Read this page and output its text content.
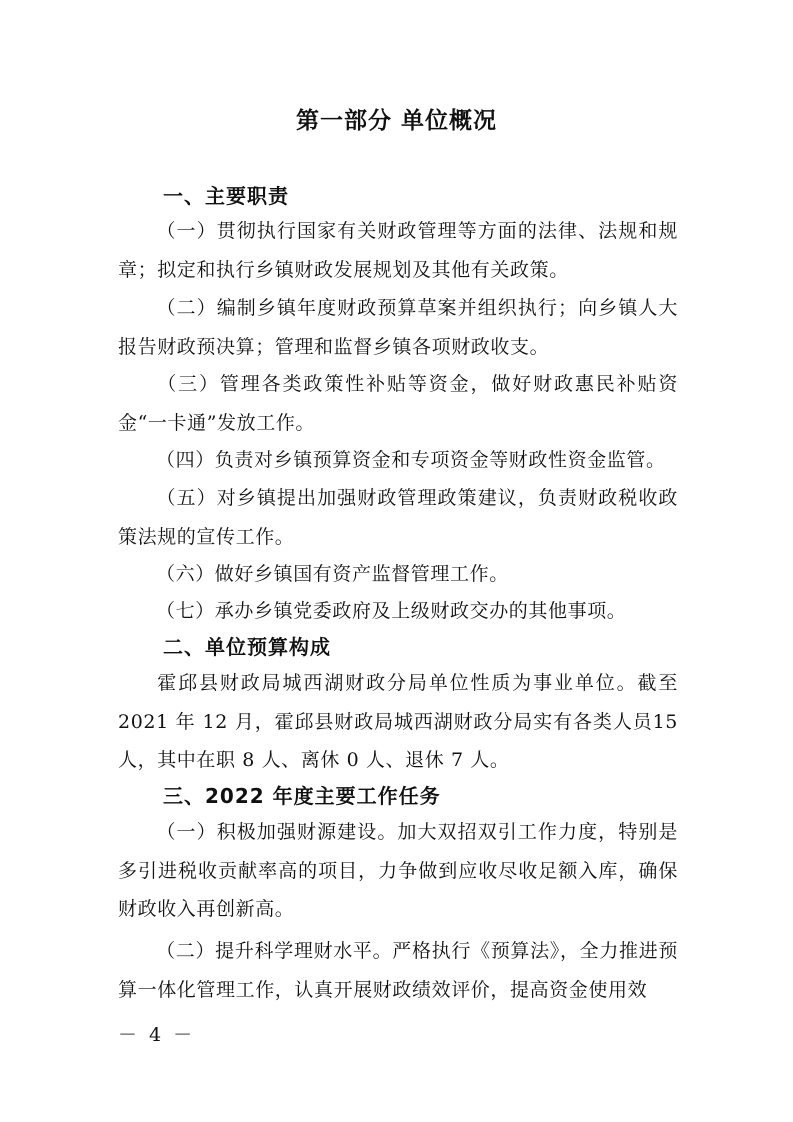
第一部分 单位概况
一、主要职责
（一）贯彻执行国家有关财政管理等方面的法律、法规和规章；拟定和执行乡镇财政发展规划及其他有关政策。
（二）编制乡镇年度财政预算草案并组织执行；向乡镇人大报告财政预决算；管理和监督乡镇各项财政收支。
（三）管理各类政策性补贴等资金，做好财政惠民补贴资金“一卡通”发放工作。
（四）负责对乡镇预算资金和专项资金等财政性资金监管。
（五）对乡镇提出加强财政管理政策建议，负责财政税收政策法规的宣传工作。
（六）做好乡镇国有资产监督管理工作。
（七）承办乡镇党委政府及上级财政交办的其他事项。
二、单位预算构成
霍邱县财政局城西湖财政分局单位性质为事业单位。截至2021 年 12 月，霍邱县财政局城西湖财政分局实有各类人员15 人，其中在职 8 人、离休 0 人、退休 7 人。
三、2022 年度主要工作任务
（一）积极加强财源建设。加大双招双引工作力度，特别是多引进税收贡献率高的项目，力争做到应收尽收足额入库，确保财政收入再创新高。
（二）提升科学理财水平。严格执行《预算法》，全力推进预算一体化管理工作，认真开展财政绩效评价，提高资金使用效
－ 4 －
